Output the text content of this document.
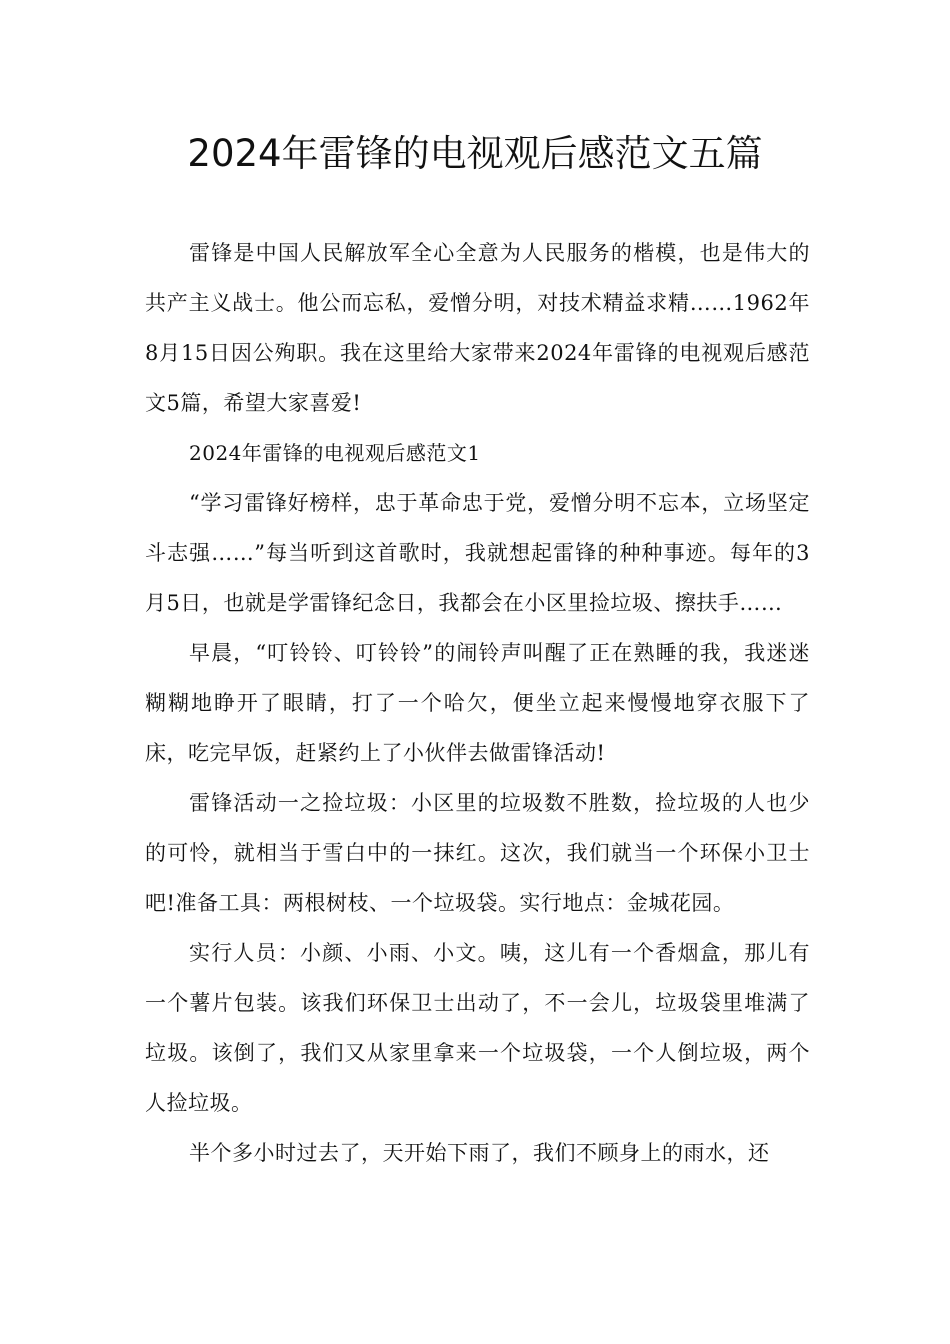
2024年雷锋的电视观后感范文五篇

雷锋是中国人民解放军全心全意为人民服务的楷模，也是伟大的共产主义战士。他公而忘私，爱憎分明，对技术精益求精……1962年8月15日因公殉职。我在这里给大家带来2024年雷锋的电视观后感范文5篇，希望大家喜爱!

2024年雷锋的电视观后感范文1

“学习雷锋好榜样，忠于革命忠于党，爱憎分明不忘本，立场坚定斗志强……”每当听到这首歌时，我就想起雷锋的种种事迹。每年的3月5日，也就是学雷锋纪念日，我都会在小区里捡垃圾、擦扶手……

早晨，“叮铃铃、叮铃铃”的闹铃声叫醒了正在熟睡的我，我迷迷糊糊地睁开了眼睛，打了一个哈欠，便坐立起来慢慢地穿衣服下了床，吃完早饭，赶紧约上了小伙伴去做雷锋活动!

雷锋活动一之捡垃圾：小区里的垃圾数不胜数，捡垃圾的人也少的可怜，就相当于雪白中的一抹红。这次，我们就当一个环保小卫士吧!准备工具：两根树枝、一个垃圾袋。实行地点：金城花园。

实行人员：小颜、小雨、小文。咦，这儿有一个香烟盒，那儿有一个薯片包装。该我们环保卫士出动了，不一会儿，垃圾袋里堆满了垃圾。该倒了，我们又从家里拿来一个垃圾袋，一个人倒垃圾，两个人捡垃圾。

半个多小时过去了，天开始下雨了，我们不顾身上的雨水，还
